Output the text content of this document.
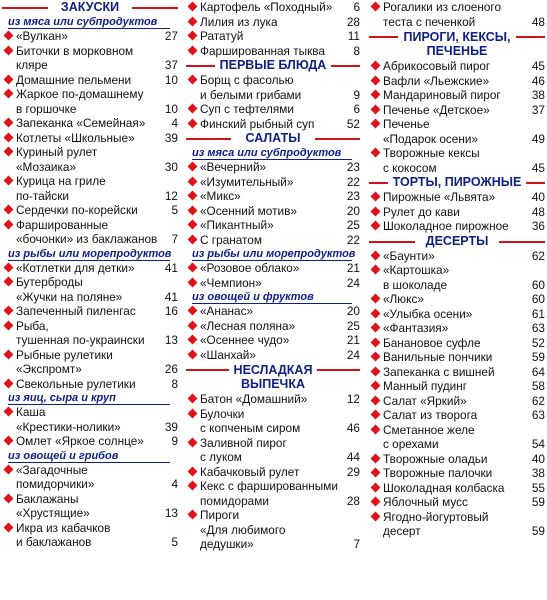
ЗАКУСКИ
из мяса или субпродуктов
«Вулкан»	27
Биточки в морковном
кляре	37
Домашние пельмени	10
Жаркое по-домашнему
в горшочке	10
Запеканка «Семейная»	4
Котлеты «Школьные»	39
Куриный рулет
«Мозаика»	30
Курица на гриле
по-тайски	12
Сердечки по-корейски	5
Фаршированные
«бочонки» из баклажанов 7
из рыбы или морепродуктов
«Котлетки для детки»	41
Бутерброды
«Жучки на поляне»	41
Запеченный пиленгас	16
Рыба,
тушенная по-украински	13
Рыбные рулетики
«Экспромт»	26
Свекольные рулетики	8
из яиц, сыра и круп
Каша
«Крестики-нолики»	39
Омлет «Яркое солнце»	9
из овощей и грибов
«Загадочные
помидорчики»	4
Баклажаны
«Хрустящие»	13
Икра из кабачков
и баклажанов	5
Картофель «Походный»	6
Лилия из лука	28
Рататуй	11
Фаршированная тыква	8
ПЕРВЫЕ БЛЮДА
Борщ с фасолью
и белыми грибами	9
Суп с тефтелями	6
Финский рыбный суп	52
САЛАТЫ
из мяса или субпродуктов
«Вечерний»	23
«Изумительный»	22
«Микс»	23
«Осенний мотив»	20
«Пикантный»	25
С гранатом	22
из рыбы или морепродуктов
«Розовое облако»	21
«Чемпион»	24
из овощей и фруктов
«Ананас»	20
«Лесная поляна»	25
«Осеннее чудо»	21
«Шанхай»	24
НЕСЛАДКАЯ
ВЫПЕЧКА
Батон «Домашний»	12
Булочки
с копченым сиром	46
Заливной пирог
с луком	44
Кабачковый рулет	29
Кекс с фаршированными
помидорами	28
Пироги
«Для любимого дедушки»	7
Рогалики из слоеного
теста с печенкой	48
ПИРОГИ, КЕКСЫ,
ПЕЧЕНЬЕ
Абрикосовый пирог	45
Вафли «Льежские»	46
Мандариновый пирог	38
Печенье «Детское»	37
Печенье
«Подарок осени»	49
Творожные кексы
с кокосом	45
ТОРТЫ, ПИРОЖНЫЕ
Пирожные «Львята»	40
Рулет до кави	48
Шоколадное пирожное	36
ДЕСЕРТЫ
«Баунти»	62
«Картошка»
в шоколаде	60
«Люкс»	60
«Улыбка осени»	61
«Фантазия»	63
Банановое суфле	52
Ванильные пончики	59
Запеканка с вишней	64
Манный пудинг	58
Салат «Яркий»	62
Салат из творога	63
Сметанное желе
с орехами	54
Творожные оладьи	40
Творожные палочки	38
Шоколадная колбаска	55
Яблочный мусс	59
Ягодно-йогуртовый
десерт	59
